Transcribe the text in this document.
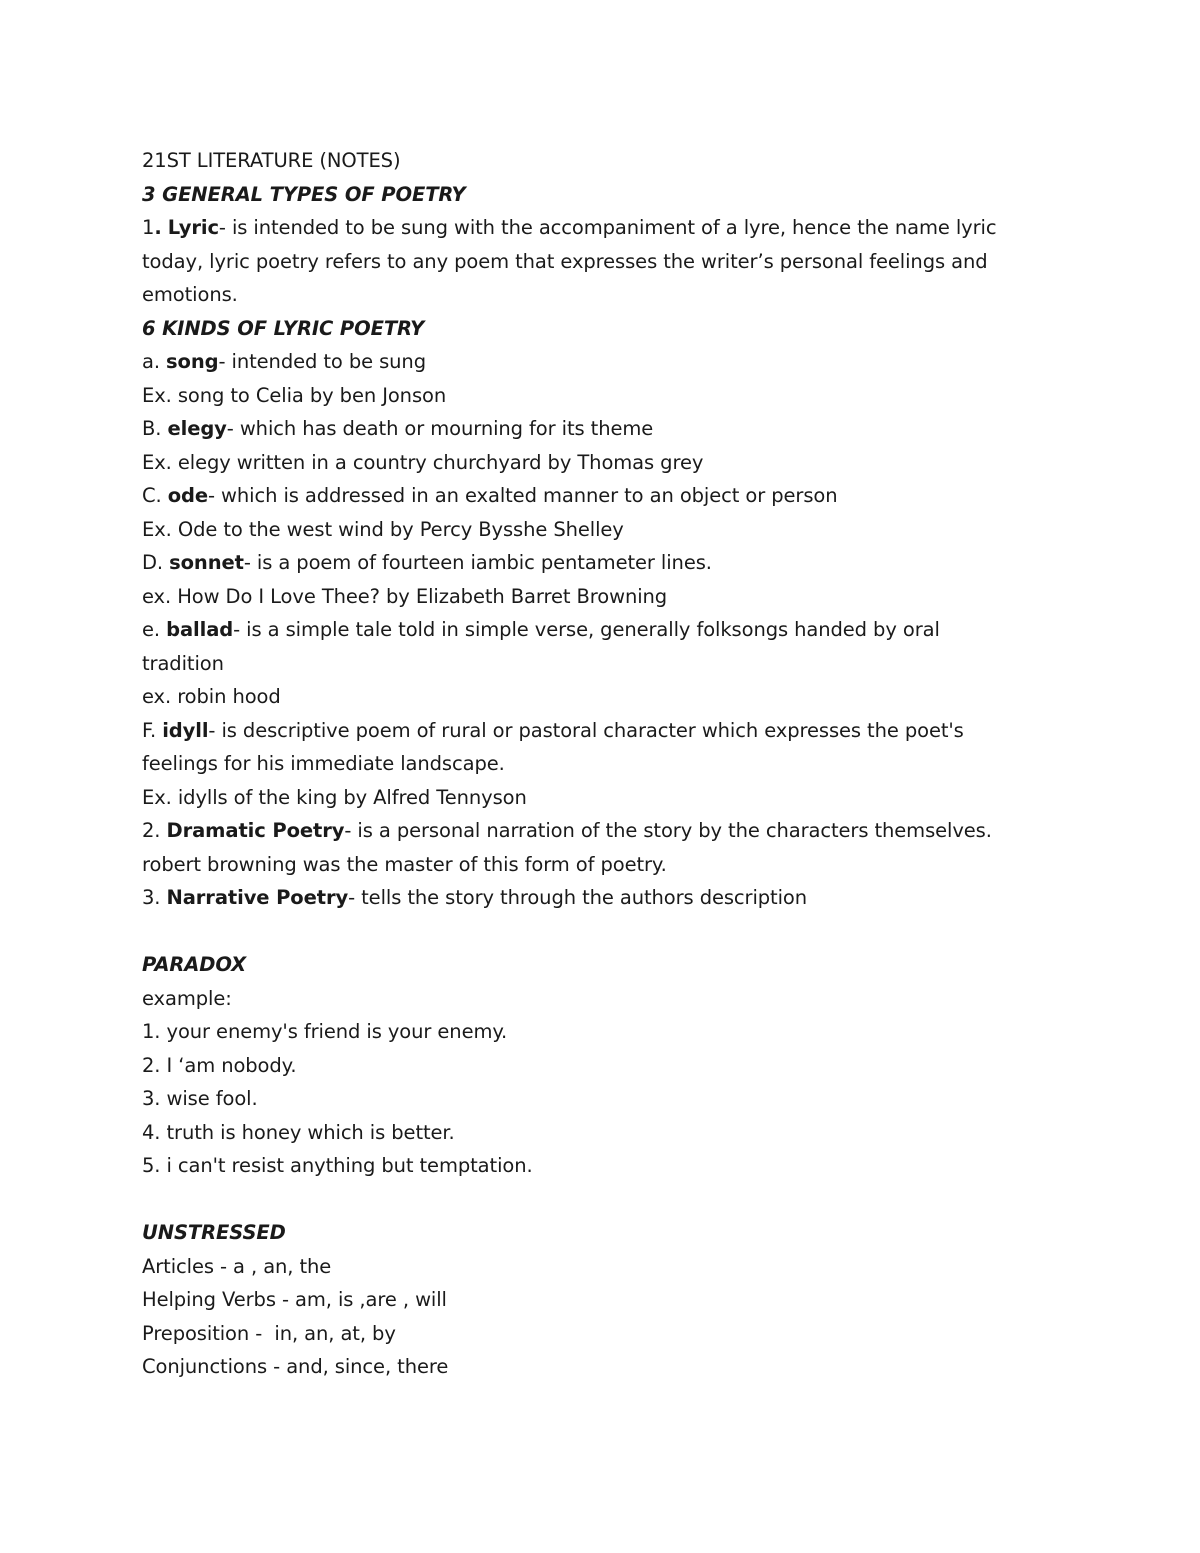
21ST LITERATURE (NOTES)

3 GENERAL TYPES OF POETRY

1. Lyric- is intended to be sung with the accompaniment of a lyre, hence the name lyric

today, lyric poetry refers to any poem that expresses the writer’s personal feelings and

emotions.

6 KINDS OF LYRIC POETRY

a. song- intended to be sung

Ex. song to Celia by ben Jonson

B. elegy- which has death or mourning for its theme

Ex. elegy written in a country churchyard by Thomas grey

C. ode- which is addressed in an exalted manner to an object or person

Ex. Ode to the west wind by Percy Bysshe Shelley

D. sonnet- is a poem of fourteen iambic pentameter lines.

ex. How Do I Love Thee? by Elizabeth Barret Browning

e. ballad- is a simple tale told in simple verse, generally folksongs handed by oral

tradition

ex. robin hood

F. idyll- is descriptive poem of rural or pastoral character which expresses the poet's

feelings for his immediate landscape.

Ex. idylls of the king by Alfred Tennyson

2. Dramatic Poetry- is a personal narration of the story by the characters themselves.

robert browning was the master of this form of poetry.

3. Narrative Poetry- tells the story through the authors description

PARADOX

example:

1. your enemy's friend is your enemy.

2. I ‘am nobody.

3. wise fool.

4. truth is honey which is better.

5. i can't resist anything but temptation.

UNSTRESSED

Articles - a , an, the

Helping Verbs - am, is ,are , will

Preposition -  in, an, at, by

Conjunctions - and, since, there
